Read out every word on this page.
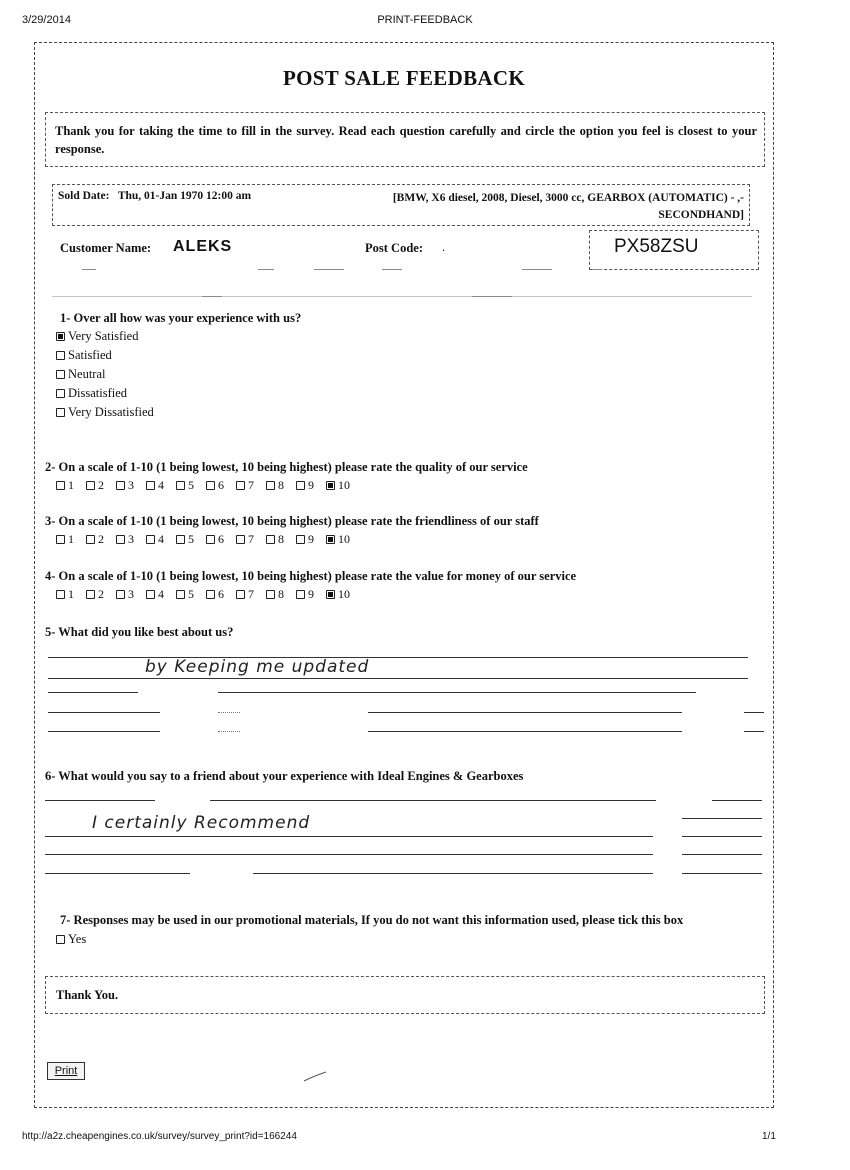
3/29/2014	PRINT-FEEDBACK
POST SALE FEEDBACK
Thank you for taking the time to fill in the survey. Read each question carefully and circle the option you feel is closest to your response.
Sold Date:   Thu, 01-Jan 1970 12:00 am	[BMW, X6 diesel, 2008, Diesel, 3000 cc, GEARBOX (AUTOMATIC) - ,-
SECONDHAND]
Customer Name: ALEKS	Post Code: .	PX58ZSU
1- Over all how was your experience with us?
Very Satisfied
Satisfied
Neutral
Dissatisfied
Very Dissatisfied
2- On a scale of 1-10 (1 being lowest, 10 being highest) please rate the quality of our service
1 2 3 4 5 6 7 8 9 10
3- On a scale of 1-10 (1 being lowest, 10 being highest) please rate the friendliness of our staff
1 2 3 4 5 6 7 8 9 10
4- On a scale of 1-10 (1 being lowest, 10 being highest) please rate the value for money of our service
1 2 3 4 5 6 7 8 9 10
5- What did you like best about us?
by Keeping me updated
6- What would you say to a friend about your experience with Ideal Engines & Gearboxes
I certainly Recommend
7- Responses may be used in our promotional materials, If you do not want this information used, please tick this box
Yes
Thank You.
Print
http://a2z.cheapengines.co.uk/survey/survey_print?id=166244	1/1
